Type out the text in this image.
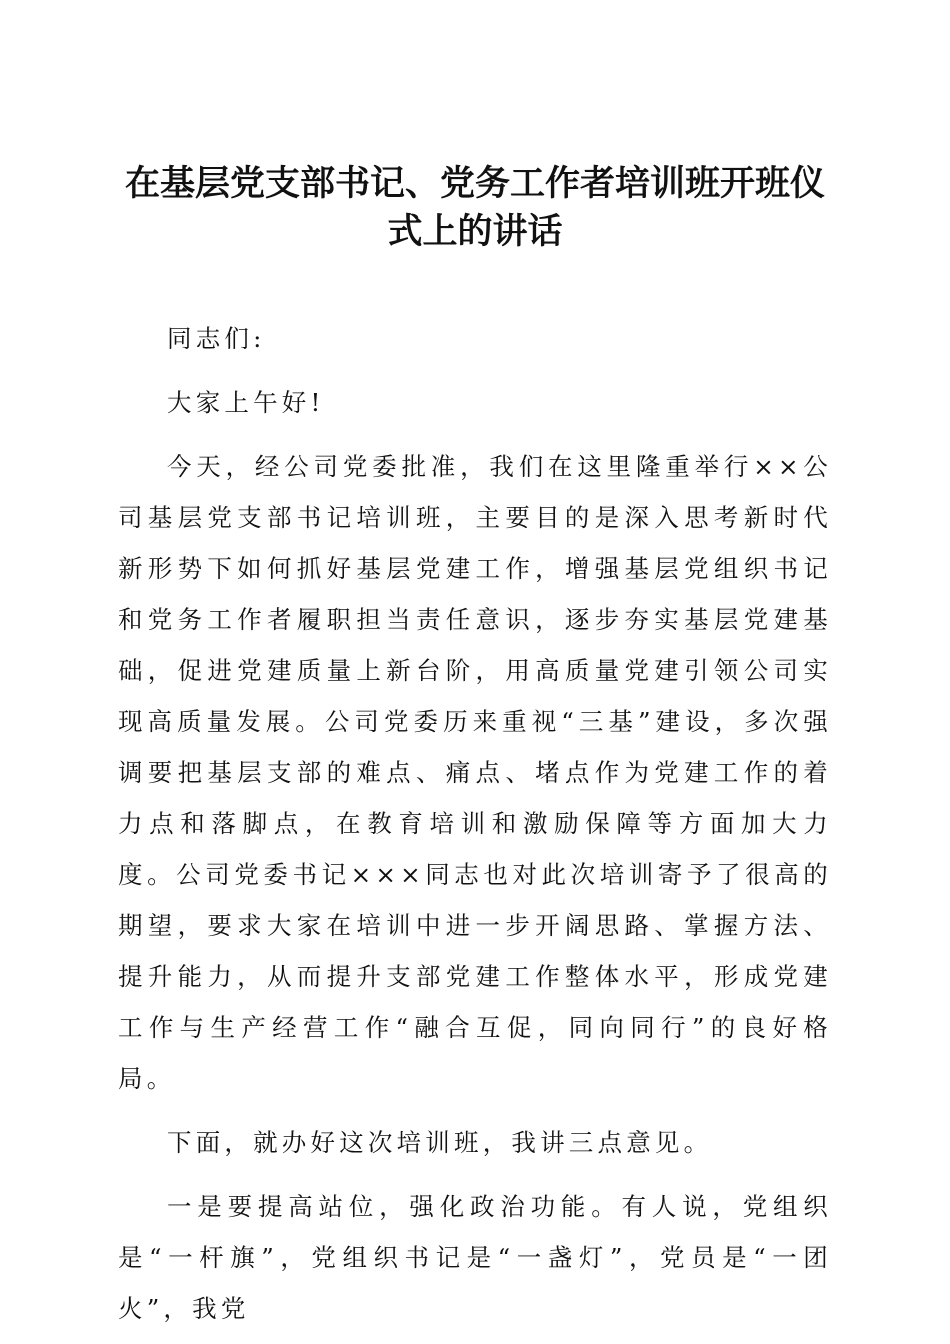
在基层党支部书记、党务工作者培训班开班仪
式上的讲话

同志们:

大家上午好!

今天，经公司党委批准，我们在这里隆重举行××公司基层党支部书记培训班，主要目的是深入思考新时代新形势下如何抓好基层党建工作，增强基层党组织书记和党务工作者履职担当责任意识，逐步夯实基层党建基础，促进党建质量上新台阶，用高质量党建引领公司实现高质量发展。公司党委历来重视“三基”建设，多次强调要把基层支部的难点、痛点、堵点作为党建工作的着力点和落脚点，在教育培训和激励保障等方面加大力度。公司党委书记×××同志也对此次培训寄予了很高的期望，要求大家在培训中进一步开阔思路、掌握方法、提升能力，从而提升支部党建工作整体水平，形成党建工作与生产经营工作“融合互促，同向同行”的良好格局。

下面，就办好这次培训班，我讲三点意见。

一是要提高站位，强化政治功能。有人说，党组织是“一杆旗”，党组织书记是“一盏灯”，党员是“一团火”，我党
